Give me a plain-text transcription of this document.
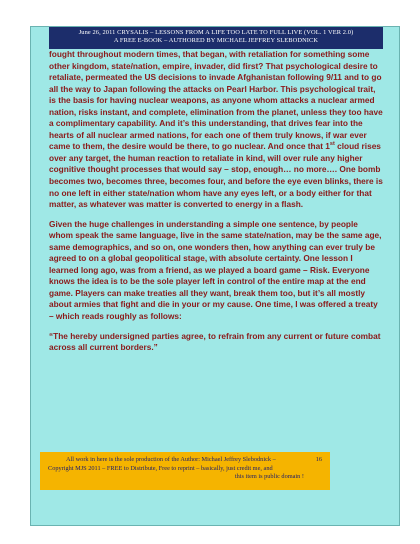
June 26, 2011 CRYSALIS – LESSONS FROM A LIFE TOO LATE TO FULL LIVE (VOL. 1 VER 2.0)
A FREE E-BOOK – AUTHORED BY MICHAEL JEFFREY SLEBODNICK

fought throughout modern times, that began, with retaliation for something some other kingdom, state/nation, empire, invader, did first? That psychological desire to retaliate, permeated the US decisions to invade Afghanistan following 9/11 and to go all the way to Japan following the attacks on Pearl Harbor. This psychological trait, is the basis for having nuclear weapons, as anyone whom attacks a nuclear armed nation, risks instant, and complete, elimination from the planet, unless they too have a complimentary capability. And it’s this understanding, that drives fear into the hearts of all nuclear armed nations, for each one of them truly knows, if war ever came to them, the desire would be there, to go nuclear. And once that 1st cloud rises over any target, the human reaction to retaliate in kind, will over rule any higher cognitive thought processes that would say – stop, enough… no more…. One bomb becomes two, becomes three, becomes four, and before the eye even blinks, there is no one left in either state/nation whom have any eyes left, or a body either for that matter, as whatever was matter is converted to energy in a flash.

Given the huge challenges in understanding a simple one sentence, by people whom speak the same language, live in the same state/nation, may be the same age, same demographics, and so on, one wonders then, how anything can ever truly be agreed to on a global geopolitical stage, with absolute certainty. One lesson I learned long ago, was from a friend, as we played a board game – Risk. Everyone knows the idea is to be the sole player left in control of the entire map at the end game. Players can make treaties all they want, break them too, but it’s all mostly about armies that fight and die in your or my cause. One time, I was offered a treaty – which reads roughly as follows:

“The hereby undersigned parties agree, to refrain from any current or future combat across all current borders.”

All work in here is the sole production of the Author: Michael Jeffrey Slebodnick –	16
Copyright MJS 2011 – FREE to Distribute, Free to reprint – basically, just credit me, and
this item is public domain !
